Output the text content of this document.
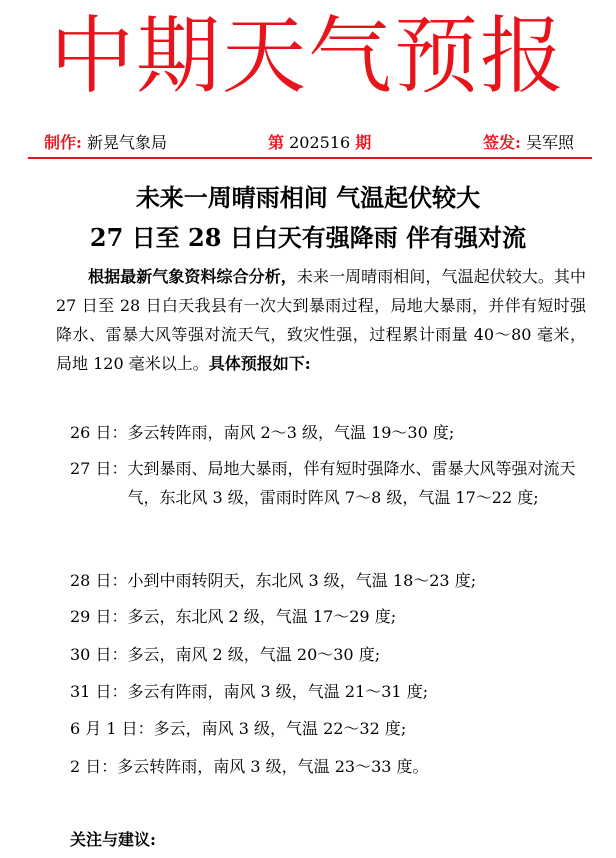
中期天气预报
制作: 新晃气象局	第 202516 期	签发: 吴军照
未来一周晴雨相间 气温起伏较大
27 日至 28 日白天有强降雨 伴有强对流
根据最新气象资料综合分析，未来一周晴雨相间，气温起伏较大。其中 27 日至 28 日白天我县有一次大到暴雨过程，局地大暴雨，并伴有短时强降水、雷暴大风等强对流天气，致灾性强，过程累计雨量 40～80 毫米，局地 120 毫米以上。具体预报如下:
26 日：多云转阵雨，南风 2～3 级，气温 19～30 度;
27 日：大到暴雨、局地大暴雨，伴有短时强降水、雷暴大风等强对流天气，东北风 3 级，雷雨时阵风 7～8 级，气温 17～22 度;
28 日：小到中雨转阴天，东北风 3 级，气温 18～23 度;
29 日：多云，东北风 2 级，气温 17～29 度;
30 日：多云，南风 2 级，气温 20～30 度;
31 日：多云有阵雨，南风 3 级，气温 21～31 度;
6 月 1 日：多云，南风 3 级，气温 22～32 度;
2 日：多云转阵雨，南风 3 级，气温 23～33 度。
关注与建议:
